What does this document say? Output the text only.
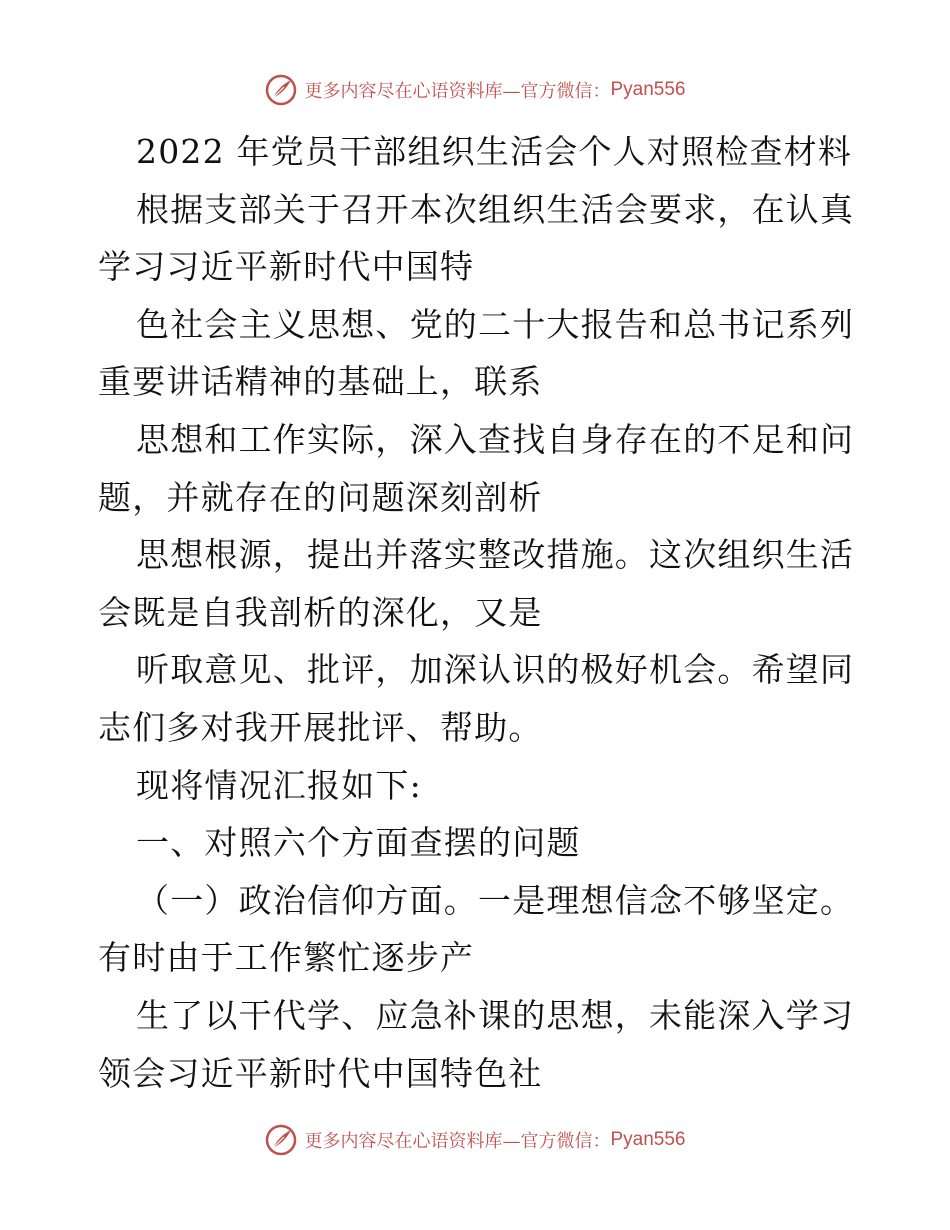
更多内容尽在心语资料库—官方微信： Pyan556
2022 年党员干部组织生活会个人对照检查材料
根据支部关于召开本次组织生活会要求，在认真
学习习近平新时代中国特
色社会主义思想、党的二十大报告和总书记系列
重要讲话精神的基础上，联系
思想和工作实际，深入查找自身存在的不足和问
题，并就存在的问题深刻剖析
思想根源，提出并落实整改措施。这次组织生活
会既是自我剖析的深化，又是
听取意见、批评，加深认识的极好机会。希望同
志们多对我开展批评、帮助。
现将情况汇报如下:
一、对照六个方面查摆的问题
（一）政治信仰方面。一是理想信念不够坚定。
有时由于工作繁忙逐步产
生了以干代学、应急补课的思想，未能深入学习
领会习近平新时代中国特色社
更多内容尽在心语资料库—官方微信： Pyan556
